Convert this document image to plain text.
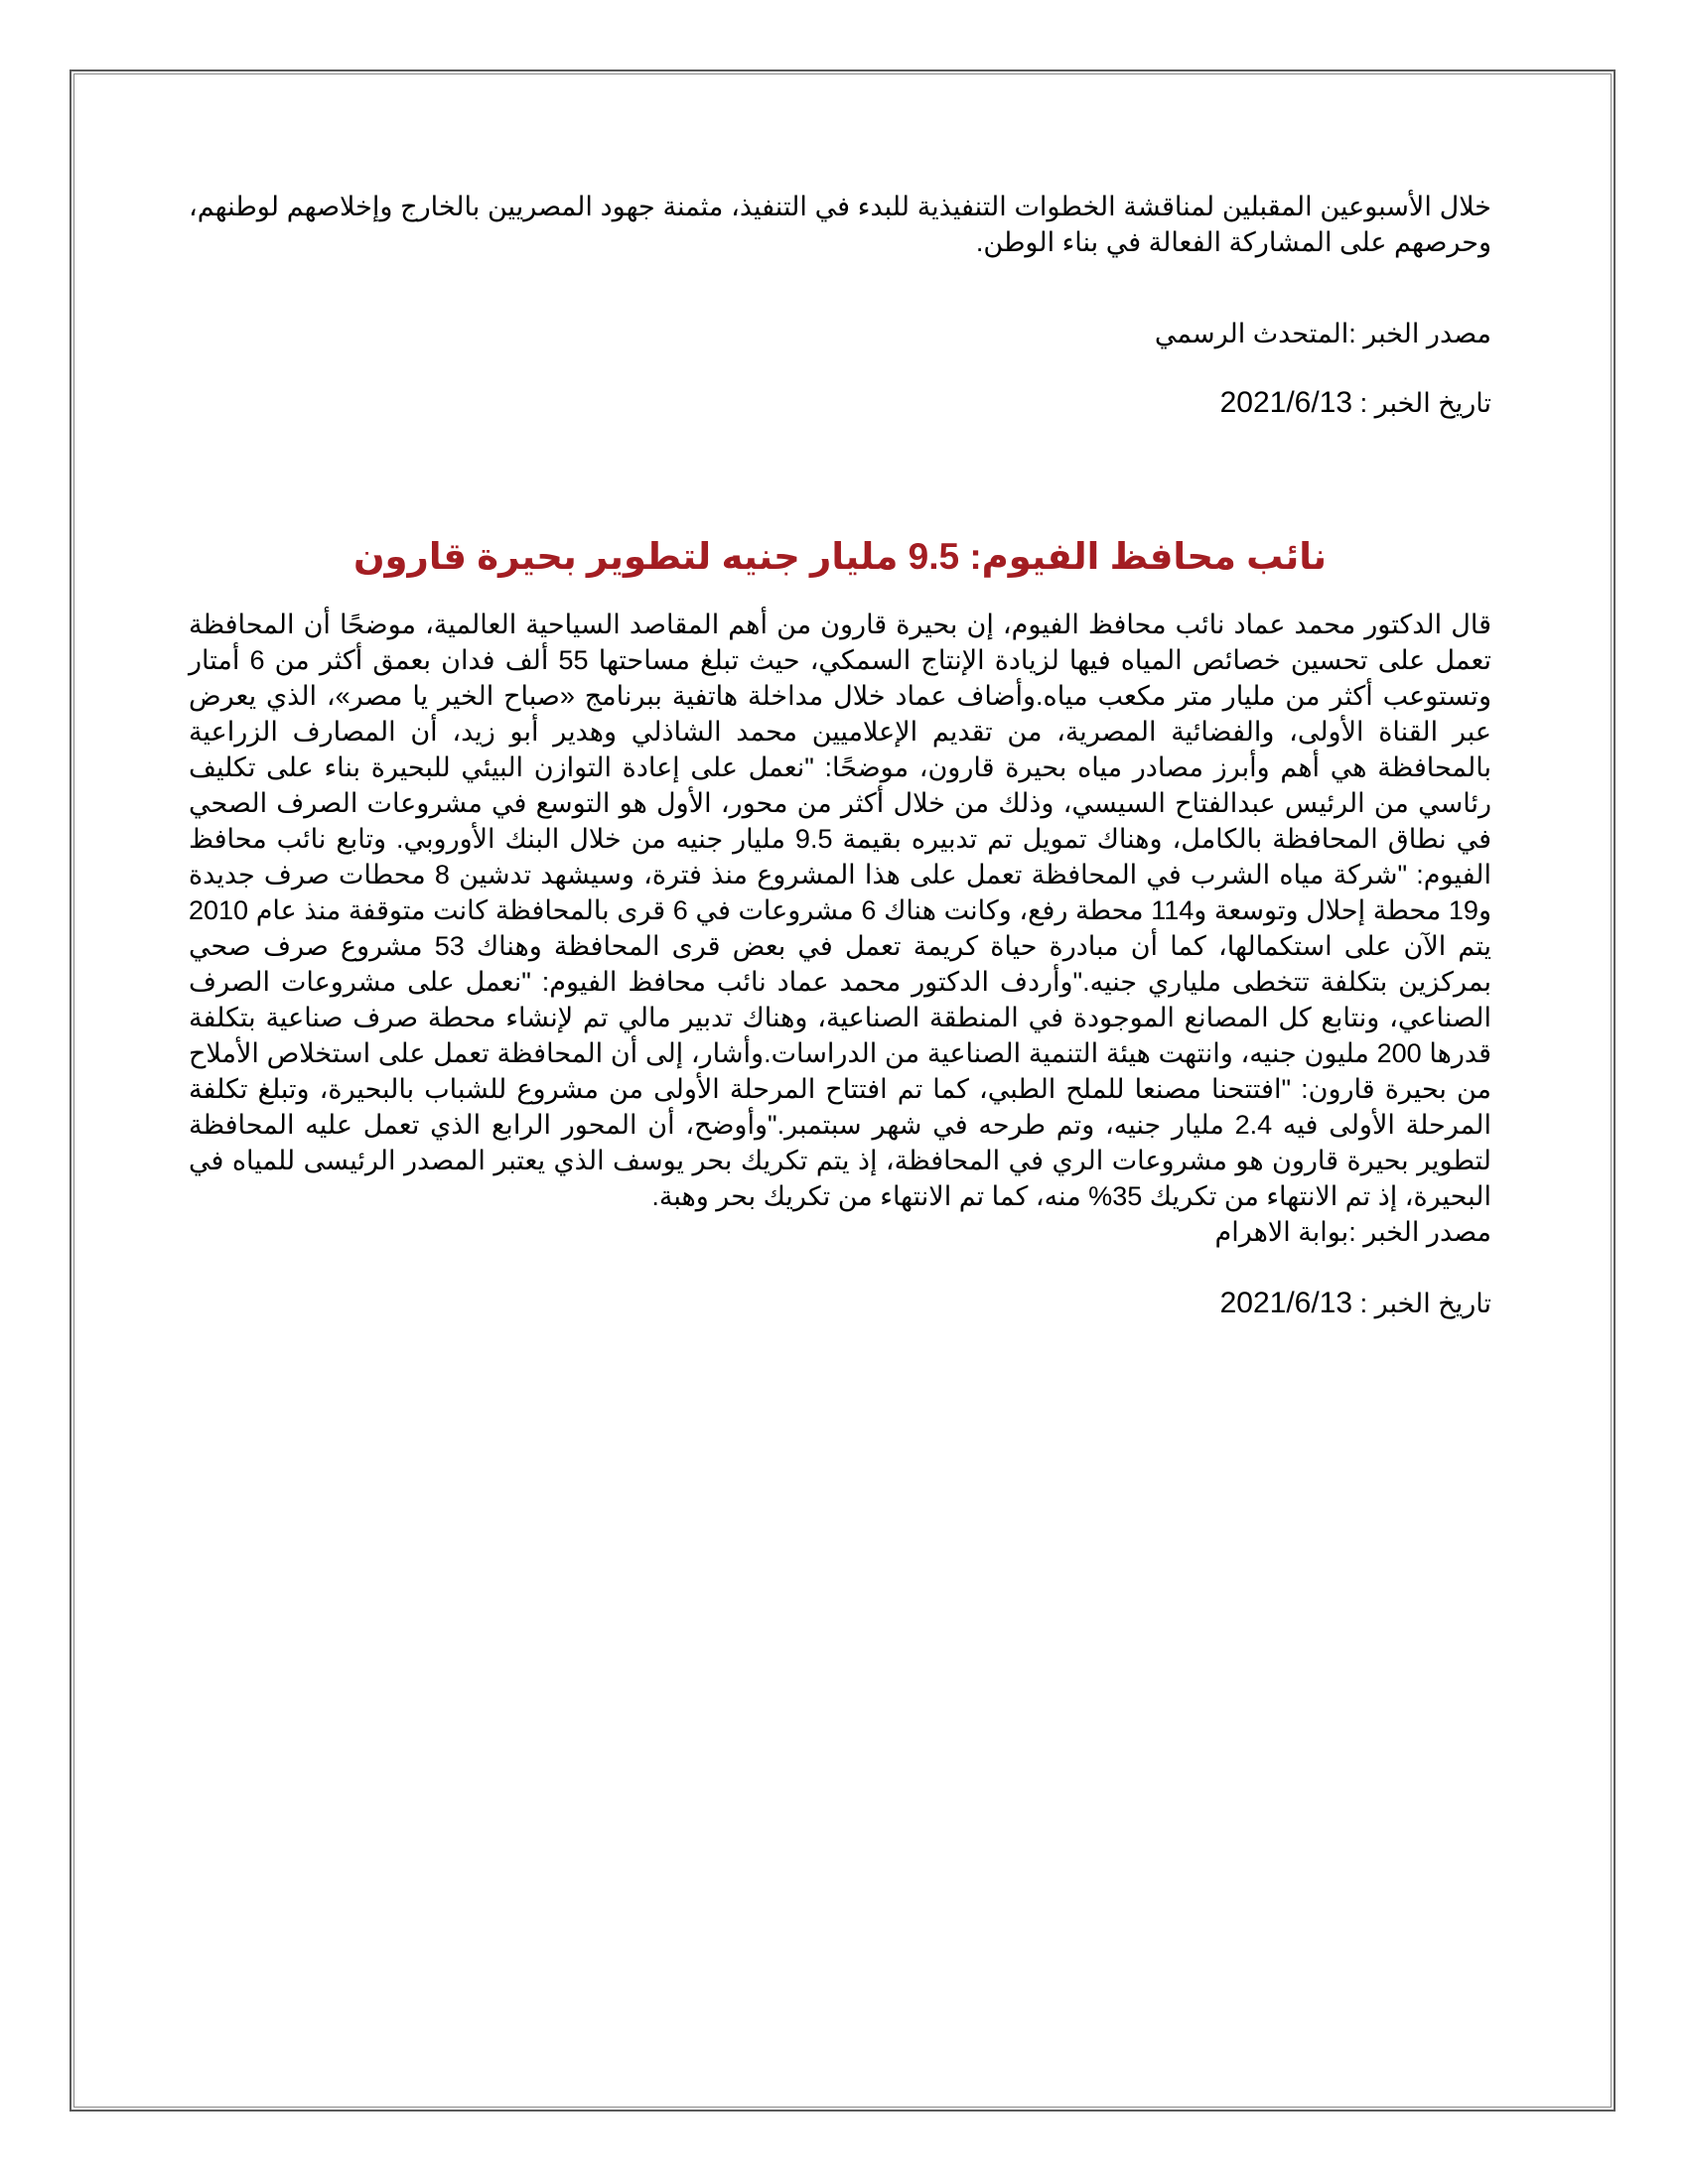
خلال الأسبوعين المقبلين لمناقشة الخطوات التنفيذية للبدء في التنفيذ، مثمنة جهود المصريين بالخارج وإخلاصهم لوطنهم، وحرصهم على المشاركة الفعالة في بناء الوطن.

مصدر الخبر :المتحدث الرسمي

تاريخ الخبر : 2021/6/13

نائب محافظ الفيوم: 9.5 مليار جنيه لتطوير بحيرة قارون

قال الدكتور محمد عماد نائب محافظ الفيوم، إن بحيرة قارون من أهم المقاصد السياحية العالمية، موضحًا أن المحافظة تعمل على تحسين خصائص المياه فيها لزيادة الإنتاج السمكي، حيث تبلغ مساحتها 55 ألف فدان بعمق أكثر من 6 أمتار وتستوعب أكثر من مليار متر مكعب مياه.وأضاف عماد خلال مداخلة هاتفية ببرنامج «صباح الخير يا مصر»، الذي يعرض عبر القناة الأولى، والفضائية المصرية، من تقديم الإعلاميين محمد الشاذلي وهدير أبو زيد، أن المصارف الزراعية بالمحافظة هي أهم وأبرز مصادر مياه بحيرة قارون، موضحًا: "نعمل على إعادة التوازن البيئي للبحيرة بناء على تكليف رئاسي من الرئيس عبدالفتاح السيسي، وذلك من خلال أكثر من محور، الأول هو التوسع في مشروعات الصرف الصحي في نطاق المحافظة بالكامل، وهناك تمويل تم تدبيره بقيمة 9.5 مليار جنيه من خلال البنك الأوروبي. وتابع نائب محافظ الفيوم: "شركة مياه الشرب في المحافظة تعمل على هذا المشروع منذ فترة، وسيشهد تدشين 8 محطات صرف جديدة و19 محطة إحلال وتوسعة و114 محطة رفع، وكانت هناك 6 مشروعات في 6 قرى بالمحافظة كانت متوقفة منذ عام 2010 يتم الآن على استكمالها، كما أن مبادرة حياة كريمة تعمل في بعض قرى المحافظة وهناك 53 مشروع صرف صحي بمركزين بتكلفة تتخطى ملياري جنيه."وأردف الدكتور محمد عماد نائب محافظ الفيوم: "نعمل على مشروعات الصرف الصناعي، ونتابع كل المصانع الموجودة في المنطقة الصناعية، وهناك تدبير مالي تم لإنشاء محطة صرف صناعية بتكلفة قدرها 200 مليون جنيه، وانتهت هيئة التنمية الصناعية من الدراسات.وأشار، إلى أن المحافظة تعمل على استخلاص الأملاح من بحيرة قارون: "افتتحنا مصنعا للملح الطبي، كما تم افتتاح المرحلة الأولى من مشروع للشباب بالبحيرة، وتبلغ تكلفة المرحلة الأولى فيه 2.4 مليار جنيه، وتم طرحه في شهر سبتمبر."وأوضح، أن المحور الرابع الذي تعمل عليه المحافظة لتطوير بحيرة قارون هو مشروعات الري في المحافظة، إذ يتم تكريك بحر يوسف الذي يعتبر المصدر الرئيسى للمياه في البحيرة، إذ تم الانتهاء من تكريك 35% منه، كما تم الانتهاء من تكريك بحر وهبة.

مصدر الخبر :بوابة الاهرام

تاريخ الخبر : 2021/6/13
